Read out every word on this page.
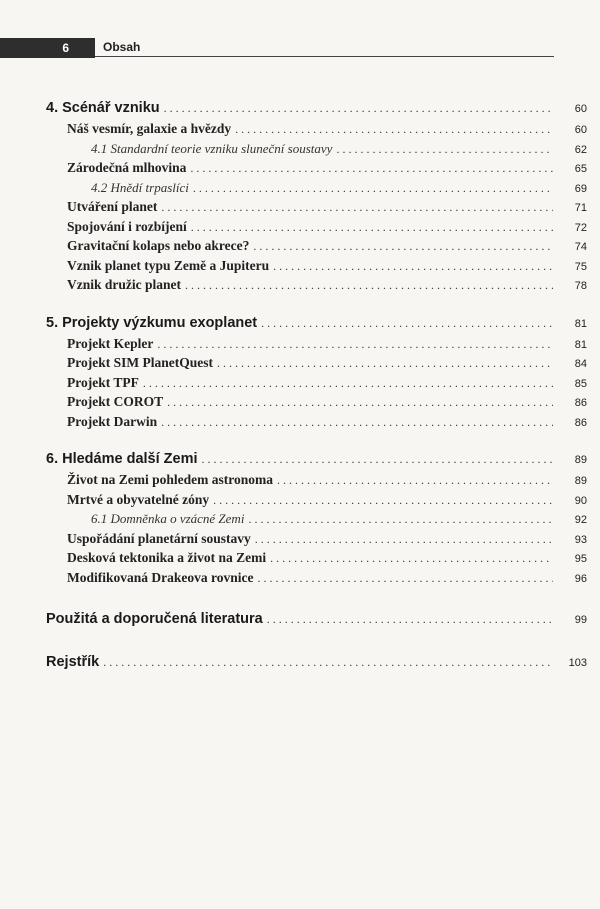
6	Obsah
4. Scénář vzniku . . .	60
Náš vesmír, galaxie a hvězdy . . .	60
4.1 Standardní teorie vzniku sluneční soustavy . . .	62
Zárodečná mlhovina . . .	65
4.2 Hnědí trpaslíci . . .	69
Utváření planet . . .	71
Spojování i rozbíjení . . .	72
Gravitační kolaps nebo akrece? . . .	74
Vznik planet typu Země a Jupiteru . . .	75
Vznik družic planet . . .	78
5. Projekty výzkumu exoplanet . . .	81
Projekt Kepler . . .	81
Projekt SIM PlanetQuest . . .	84
Projekt TPF . . .	85
Projekt COROT . . .	86
Projekt Darwin . . .	86
6. Hledáme další Zemi . . .	89
Život na Zemi pohledem astronoma . . .	89
Mrtvé a obyvatelné zóny . . .	90
6.1 Domněnka o vzácné Zemi . . .	92
Uspořádání planetární soustavy . . .	93
Desková tektonika a život na Zemi . . .	95
Modifikovaná Drakeova rovnice . . .	96
Použitá a doporučená literatura . . .	99
Rejstřík . . .	103
